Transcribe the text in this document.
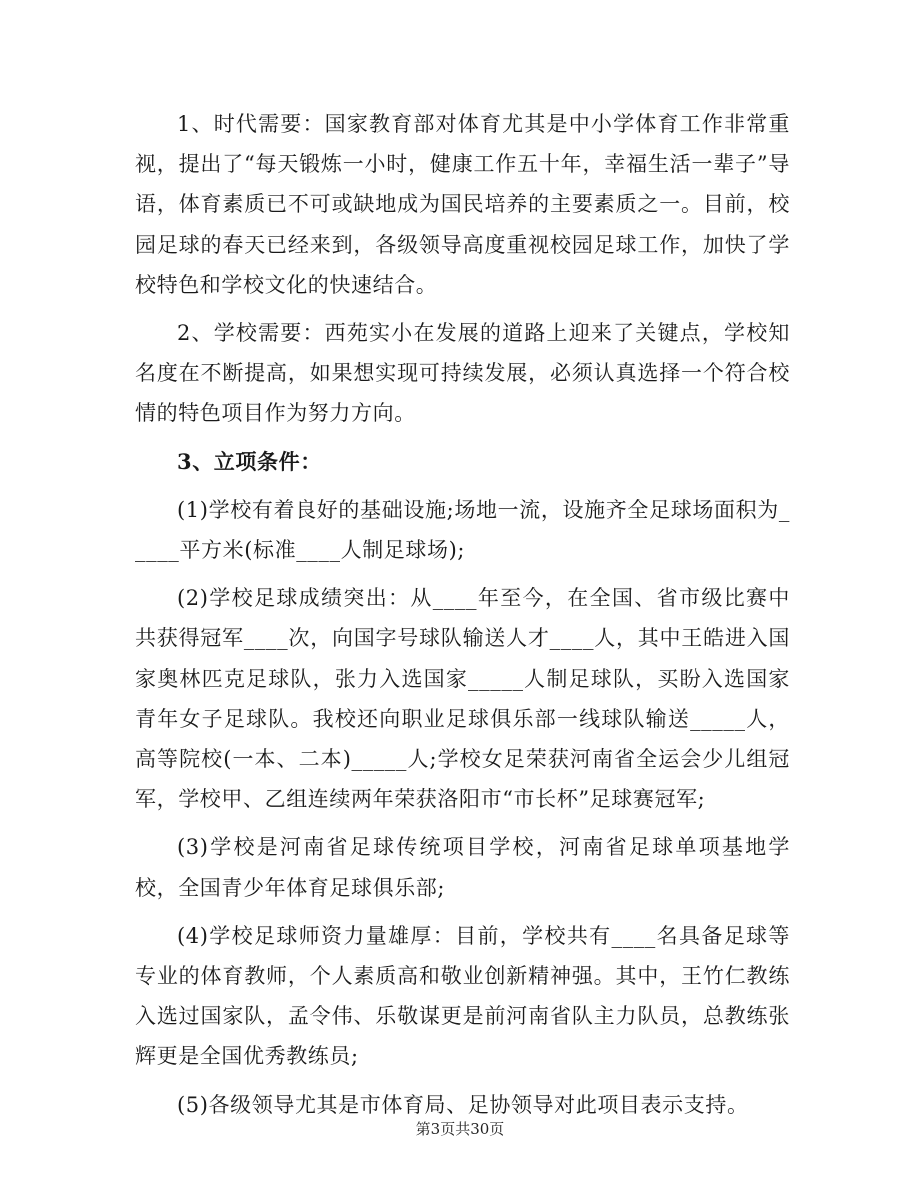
1、时代需要：国家教育部对体育尤其是中小学体育工作非常重视，提出了“每天锻炼一小时，健康工作五十年，幸福生活一辈子”导语，体育素质已不可或缺地成为国民培养的主要素质之一。目前，校园足球的春天已经来到，各级领导高度重视校园足球工作，加快了学校特色和学校文化的快速结合。

2、学校需要：西苑实小在发展的道路上迎来了关键点，学校知名度在不断提高，如果想实现可持续发展，必须认真选择一个符合校情的特色项目作为努力方向。

3、立项条件：

(1)学校有着良好的基础设施;场地一流，设施齐全足球场面积为_____平方米(标准____人制足球场);

(2)学校足球成绩突出：从____年至今，在全国、省市级比赛中共获得冠军____次，向国字号球队输送人才____人，其中王皓进入国家奥林匹克足球队，张力入选国家_____人制足球队，买盼入选国家青年女子足球队。我校还向职业足球俱乐部一线球队输送_____人，高等院校(一本、二本)_____人;学校女足荣获河南省全运会少儿组冠军，学校甲、乙组连续两年荣获洛阳市“市长杯”足球赛冠军;

(3)学校是河南省足球传统项目学校，河南省足球单项基地学校，全国青少年体育足球俱乐部;

(4)学校足球师资力量雄厚：目前，学校共有____名具备足球等专业的体育教师，个人素质高和敬业创新精神强。其中，王竹仁教练入选过国家队，孟令伟、乐敬谋更是前河南省队主力队员，总教练张辉更是全国优秀教练员;

(5)各级领导尤其是市体育局、足协领导对此项目表示支持。

第3页共30页
